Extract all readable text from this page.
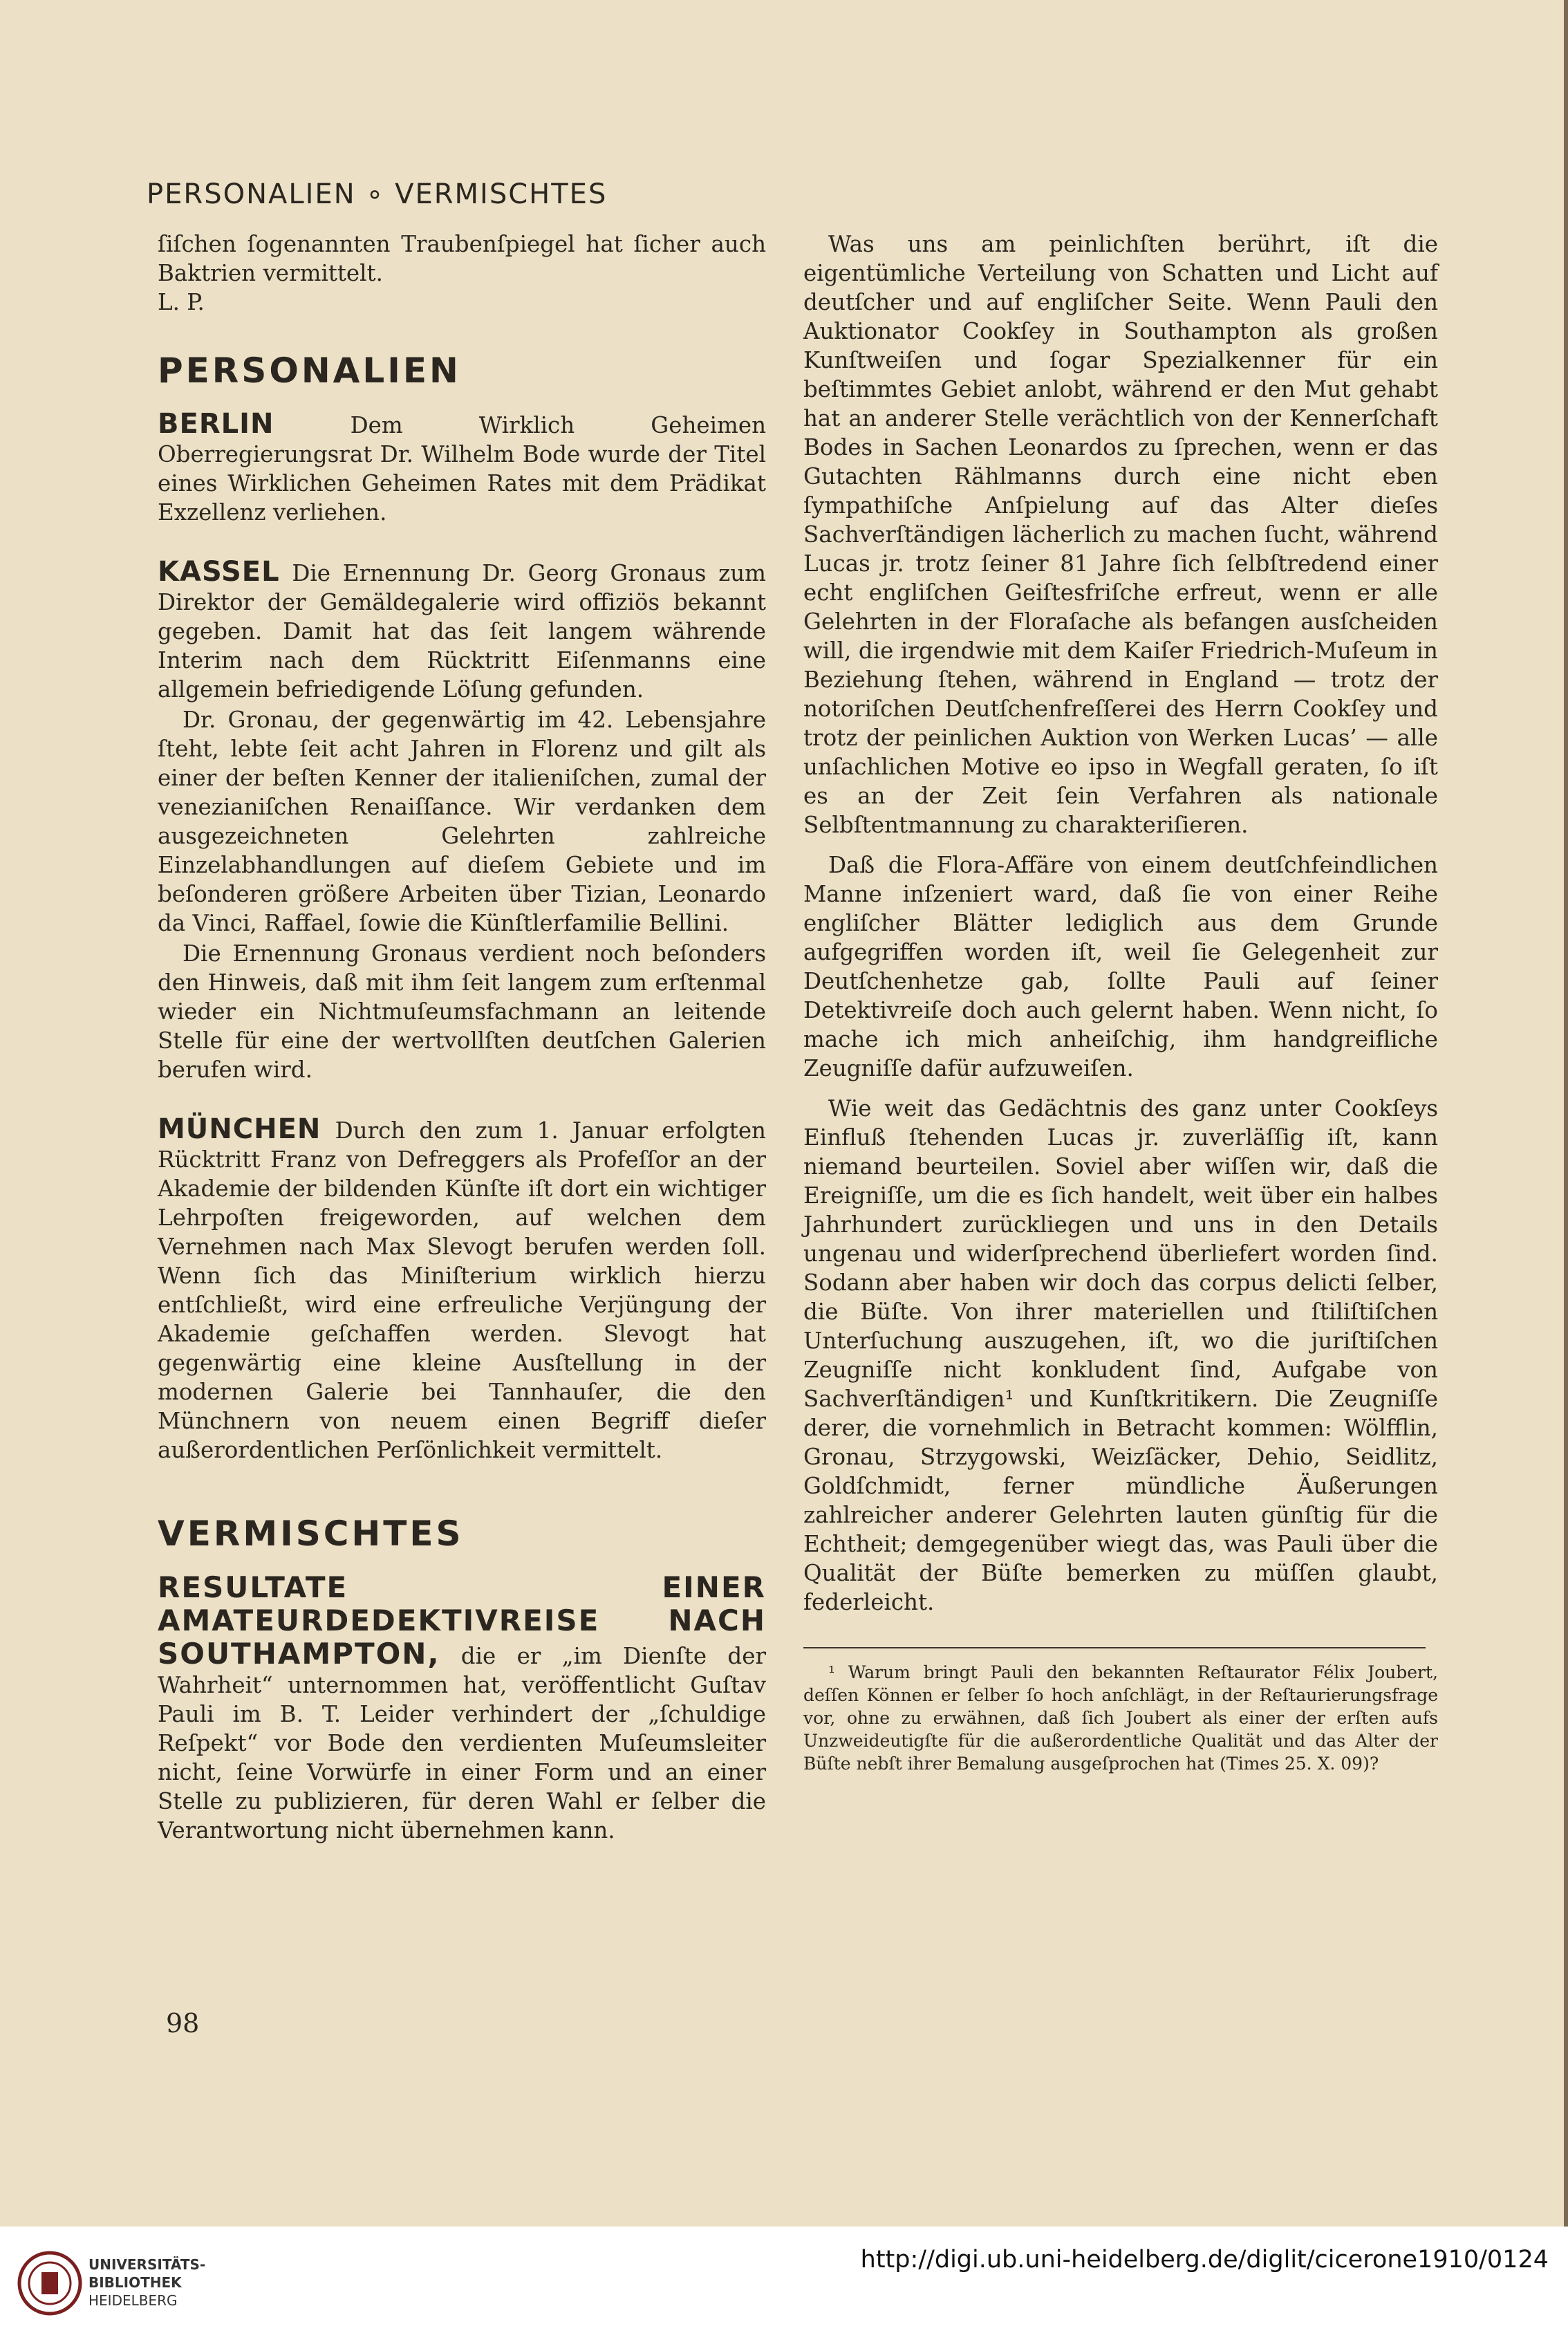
PERSONALIEN ∘ VERMISCHTES

ſiſchen ſogenannten Traubenſpiegel hat ſicher auch Baktrien vermittelt.

L. P.

PERSONALIEN

BERLIN	Dem Wirklich Geheimen Oberregierungsrat Dr. Wilhelm Bode wurde der Titel eines Wirklichen Geheimen Rates mit dem Prädikat Exzellenz verliehen.

KASSEL Die Ernennung Dr. Georg Gronaus zum Direktor der Gemäldegalerie wird offiziös bekannt gegeben. Damit hat das ſeit langem währende Interim nach dem Rücktritt Eiſenmanns eine allgemein befriedigende Löſung gefunden.

Dr. Gronau, der gegenwärtig im 42. Lebensjahre ſteht, lebte ſeit acht Jahren in Florenz und gilt als einer der beſten Kenner der italieniſchen, zumal der venezianiſchen Renaiſſance. Wir verdanken dem ausgezeichneten Gelehrten zahlreiche Einzelabhandlungen auf dieſem Gebiete und im beſonderen größere Arbeiten über Tizian, Leonardo da Vinci, Raffael, ſowie die Künſtlerfamilie Bellini.

Die Ernennung Gronaus verdient noch beſonders den Hinweis, daß mit ihm ſeit langem zum erſtenmal wieder ein Nichtmuſeumsfachmann an leitende Stelle für eine der wertvollſten deutſchen Galerien berufen wird.

MÜNCHEN Durch den zum 1. Januar erfolgten Rücktritt Franz von Defreggers als Profeſſor an der Akademie der bildenden Künſte iſt dort ein wichtiger Lehrpoſten freigeworden, auf welchen dem Vernehmen nach Max Slevogt berufen werden ſoll. Wenn ſich das Miniſterium wirklich hierzu entſchließt, wird eine erfreuliche Verjüngung der Akademie geſchaffen werden. Slevogt hat gegenwärtig eine kleine Ausſtellung in der modernen Galerie bei Tannhauſer, die den Münchnern von neuem einen Begriff dieſer außerordentlichen Perſönlichkeit vermittelt.

VERMISCHTES

RESULTATE EINER AMATEURDEDEKTIVREISE NACH SOUTHAMPTON, die er „im Dienſte der Wahrheit“ unternommen hat, veröffentlicht Guſtav Pauli im B. T. Leider verhindert der „ſchuldige Reſpekt“ vor Bode den verdienten Muſeumsleiter nicht, ſeine Vorwürfe in einer Form und an einer Stelle zu publizieren, für deren Wahl er ſelber die Verantwortung nicht übernehmen kann.

Was uns am peinlichſten berührt, iſt die eigentümliche Verteilung von Schatten und Licht auf deutſcher und auf engliſcher Seite. Wenn Pauli den Auktionator Cookſey in Southampton als großen Kunſtweiſen und ſogar Spezialkenner für ein beſtimmtes Gebiet anlobt, während er den Mut gehabt hat an anderer Stelle verächtlich von der Kennerſchaft Bodes in Sachen Leonardos zu ſprechen, wenn er das Gutachten Rählmanns durch eine nicht eben ſympathiſche Anſpielung auf das Alter dieſes Sachverſtändigen lächerlich zu machen ſucht, während Lucas jr. trotz ſeiner 81 Jahre ſich ſelbſtredend einer echt engliſchen Geiſtesfriſche erfreut, wenn er alle Gelehrten in der Floraſache als befangen ausſcheiden will, die irgendwie mit dem Kaiſer Friedrich-Muſeum in Beziehung ſtehen, während in England — trotz der notoriſchen Deutſchenfreſſerei des Herrn Cookſey und trotz der peinlichen Auktion von Werken Lucas’ — alle unſachlichen Motive eo ipso in Wegfall geraten, ſo iſt es an der Zeit ſein Verfahren als nationale Selbſtentmannung zu charakteriſieren.

Daß die Flora-Affäre von einem deutſchfeindlichen Manne inſzeniert ward, daß ſie von einer Reihe engliſcher Blätter lediglich aus dem Grunde aufgegriffen worden iſt, weil ſie Gelegenheit zur Deutſchenhetze gab, ſollte Pauli auf ſeiner Detektivreiſe doch auch gelernt haben. Wenn nicht, ſo mache ich mich anheiſchig, ihm handgreifliche Zeugniſſe dafür aufzuweiſen.

Wie weit das Gedächtnis des ganz unter Cookſeys Einfluß ſtehenden Lucas jr. zuverläſſig iſt, kann niemand beurteilen. Soviel aber wiſſen wir, daß die Ereigniſſe, um die es ſich handelt, weit über ein halbes Jahrhundert zurückliegen und uns in den Details ungenau und widerſprechend überliefert worden ſind. Sodann aber haben wir doch das corpus delicti ſelber, die Büſte. Von ihrer materiellen und ſtiliſtiſchen Unterſuchung auszugehen, iſt, wo die juriſtiſchen Zeugniſſe nicht konkludent ſind, Aufgabe von Sachverſtändigen¹ und Kunſtkritikern. Die Zeugniſſe derer, die vornehmlich in Betracht kommen: Wölfflin, Gronau, Strzygowski, Weizſäcker, Dehio, Seidlitz, Goldſchmidt, ferner mündliche Äußerungen zahlreicher anderer Gelehrten lauten günſtig für die Echtheit; demgegenüber wiegt das, was Pauli über die Qualität der Büſte bemerken zu müſſen glaubt, federleicht.

¹ Warum bringt Pauli den bekannten Reſtaurator Félix Joubert, deſſen Können er ſelber ſo hoch anſchlägt, in der Reſtaurierungsfrage vor, ohne zu erwähnen, daß ſich Joubert als einer der erſten aufs Unzweideutigſte für die außerordentliche Qualität und das Alter der Büſte nebſt ihrer Bemalung ausgeſprochen hat (Times 25. X. 09)?

98
UNIVERSITÄTS-
BIBLIOTHEK
HEIDELBERG
http://digi.ub.uni-heidelberg.de/diglit/cicerone1910/0124
